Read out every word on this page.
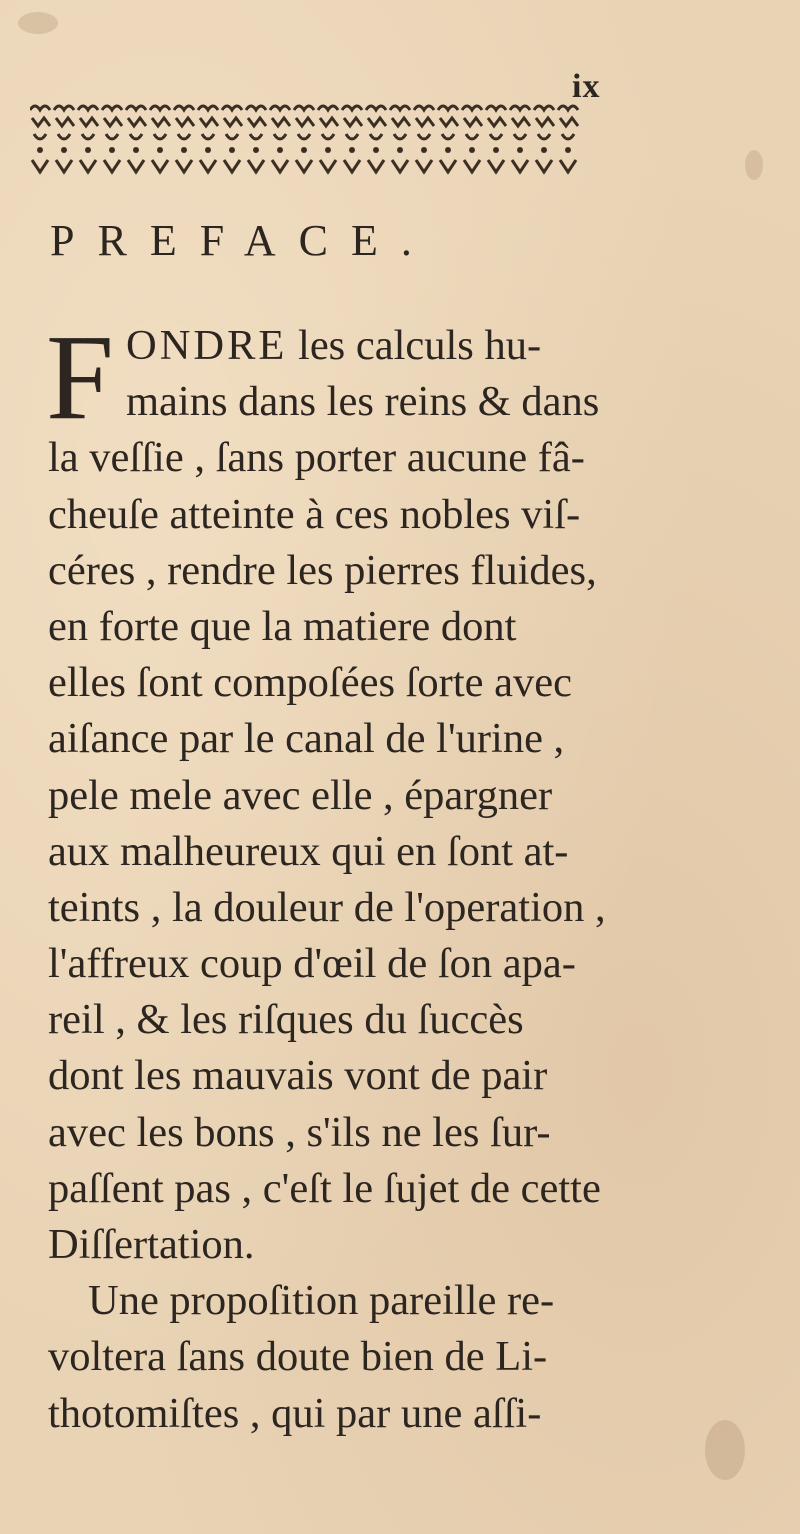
ix
PREFACE.
F ONDRE les calculs hu-
mains dans les reins & dans
la veſſie , ſans porter aucune fâ-
cheuſe atteinte à ces nobles viſ-
céres , rendre les pierres fluides,
en forte que la matiere dont
elles ſont compoſées ſorte avec
aiſance par le canal de l'urine ,
pele mele avec elle , épargner
aux malheureux qui en ſont at-
teints , la douleur de l'operation ,
l'affreux coup d'œil de ſon apa-
reil , & les riſques du ſuccès
dont les mauvais vont de pair
avec les bons , s'ils ne les ſur-
paſſent pas , c'eſt le ſujet de cette
Diſſertation.
Une propoſition pareille re-
voltera ſans doute bien de Li-
thotomiſtes , qui par une aſſi-
